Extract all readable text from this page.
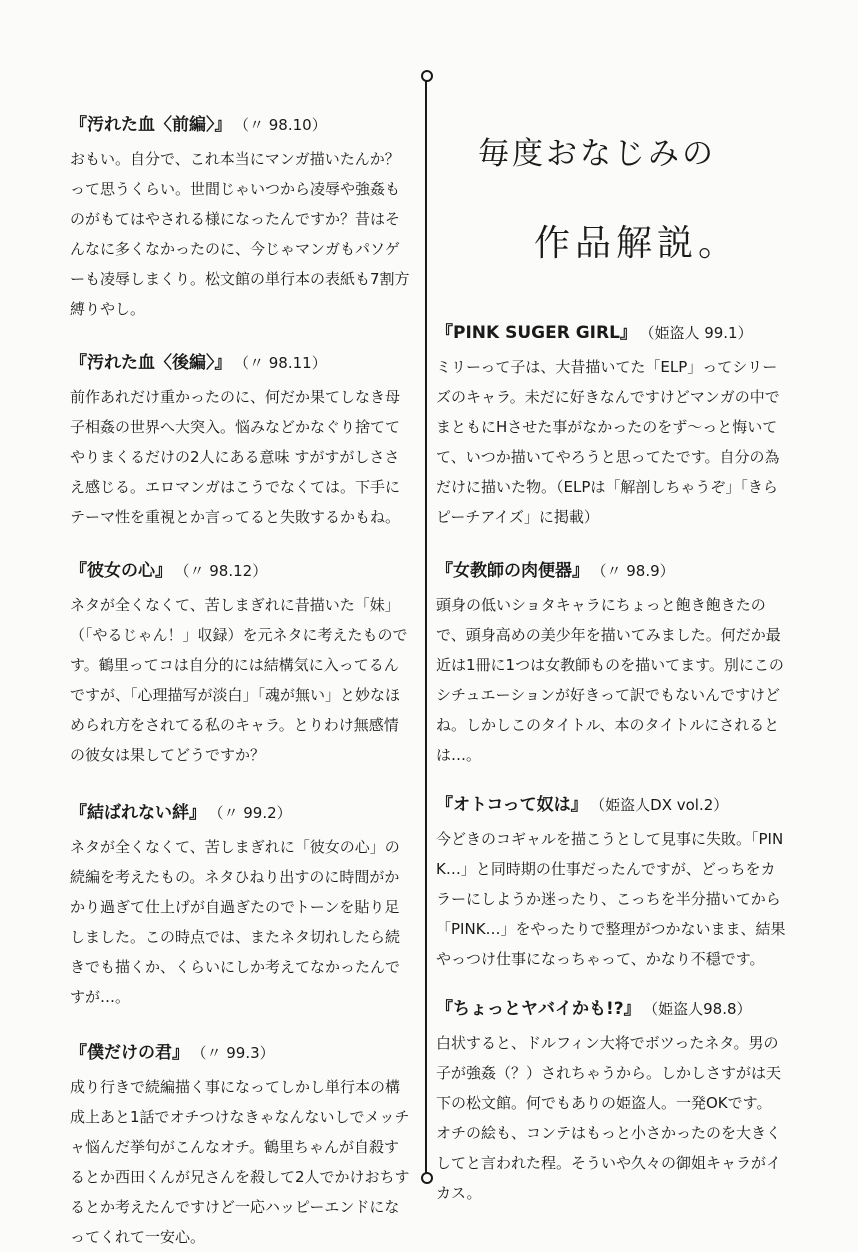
『汚れた血〈前編〉』 （〃 98.10）

おもい。自分で、これ本当にマンガ描いたんか？って思うくらい。世間じゃいつから凌辱や強姦ものがもてはやされる様になったんですか？昔はそんなに多くなかったのに、今じゃマンガもパソゲーも凌辱しまくり。松文館の単行本の表紙も7割方縛りやし。

『汚れた血〈後編〉』 （〃 98.11）

前作あれだけ重かったのに、何だか果てしなき母子相姦の世界へ大突入。悩みなどかなぐり捨ててやりまくるだけの2人にある意味 すがすがしささえ感じる。エロマンガはこうでなくては。下手にテーマ性を重視とか言ってると失敗するかもね。

『彼女の心』 （〃 98.12）

ネタが全くなくて、苦しまぎれに昔描いた「妹」（「やるじゃん！」収録）を元ネタに考えたものです。鶴里ってコは自分的には結構気に入ってるんですが、「心理描写が淡白」「魂が無い」と妙なほめられ方をされてる私のキャラ。とりわけ無感情の彼女は果してどうですか？

『結ばれない絆』 （〃 99.2）

ネタが全くなくて、苦しまぎれに「彼女の心」の続編を考えたもの。ネタひねり出すのに時間がかかり過ぎて仕上げが自過ぎたのでトーンを貼り足しました。この時点では、またネタ切れしたら続きでも描くか、くらいにしか考えてなかったんですが…。

『僕だけの君』 （〃 99.3）

成り行きで続編描く事になってしかし単行本の構成上あと1話でオチつけなきゃなんないしでメッチャ悩んだ挙句がこんなオチ。鶴里ちゃんが自殺するとか西田くんが兄さんを殺して2人でかけおちするとか考えたんですけど一応ハッピーエンドになってくれて一安心。

毎度おなじみの
作品解説。
『PINK SUGER GIRL』 （姫盗人 99.1）

ミリーって子は、大昔描いてた「ELP」ってシリーズのキャラ。未だに好きなんですけどマンガの中でまともにHさせた事がなかったのをず～っと悔いてて、いつか描いてやろうと思ってたです。自分の為だけに描いた物。（ELPは「解剖しちゃうぞ」「きらピーチアイズ」に掲載）

『女教師の肉便器』 （〃 98.9）

頭身の低いショタキャラにちょっと飽き飽きたので、頭身高めの美少年を描いてみました。何だか最近は1冊に1つは女教師ものを描いてます。別にこのシチュエーションが好きって訳でもないんですけどね。しかしこのタイトル、本のタイトルにされるとは…。

『オトコって奴は』 （姫盗人DX vol.2）

今どきのコギャルを描こうとして見事に失敗。「PINK…」と同時期の仕事だったんですが、どっちをカラーにしようか迷ったり、こっちを半分描いてから「PINK…」をやったりで整理がつかないまま、結果やっつけ仕事になっちゃって、かなり不穏です。

『ちょっとヤバイかも!?』 （姫盗人98.8）

白状すると、ドルフィン大将でボツったネタ。男の子が強姦（？）されちゃうから。しかしさすがは天下の松文館。何でもありの姫盗人。一発OKです。オチの絵も、コンテはもっと小さかったのを大きくしてと言われた程。そういや久々の御姐キャラがイカス。
